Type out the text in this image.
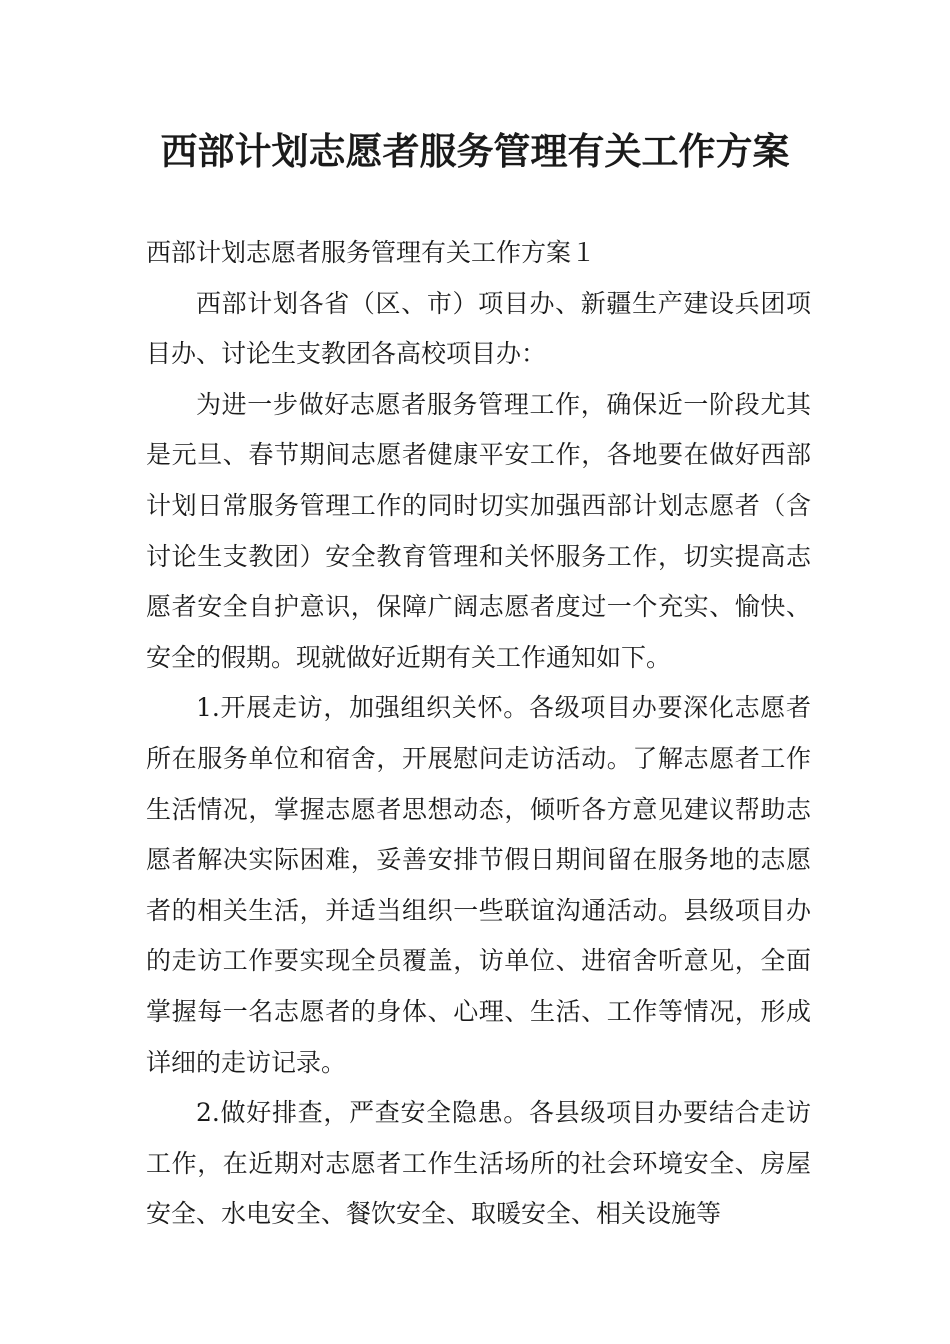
西部计划志愿者服务管理有关工作方案

西部计划志愿者服务管理有关工作方案１

西部计划各省（区、市）项目办、新疆生产建设兵团项目办、讨论生支教团各高校项目办：

为进一步做好志愿者服务管理工作，确保近一阶段尤其是元旦、春节期间志愿者健康平安工作，各地要在做好西部计划日常服务管理工作的同时切实加强西部计划志愿者（含讨论生支教团）安全教育管理和关怀服务工作，切实提高志愿者安全自护意识，保障广阔志愿者度过一个充实、愉快、安全的假期。现就做好近期有关工作通知如下。

1.开展走访，加强组织关怀。各级项目办要深化志愿者所在服务单位和宿舍，开展慰问走访活动。了解志愿者工作生活情况，掌握志愿者思想动态，倾听各方意见建议帮助志愿者解决实际困难，妥善安排节假日期间留在服务地的志愿者的相关生活，并适当组织一些联谊沟通活动。县级项目办的走访工作要实现全员覆盖，访单位、进宿舍听意见，全面掌握每一名志愿者的身体、心理、生活、工作等情况，形成详细的走访记录。

2.做好排查，严查安全隐患。各县级项目办要结合走访工作，在近期对志愿者工作生活场所的社会环境安全、房屋安全、水电安全、餐饮安全、取暖安全、相关设施等
